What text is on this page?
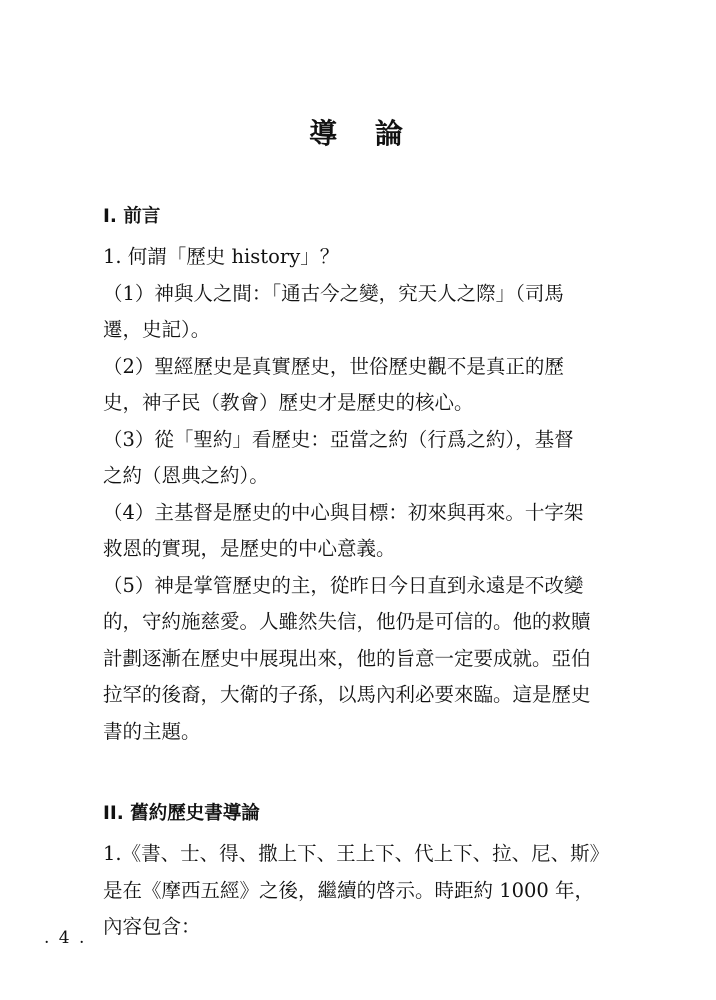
導 論
I. 前言
1. 何謂「歷史 history」？
（1）神與人之間：「通古今之變，究天人之際」（司馬
遷，史記）。
（2）聖經歷史是真實歷史，世俗歷史觀不是真正的歷
史，神子民（教會）歷史才是歷史的核心。
（3）從「聖約」看歷史：亞當之約（行爲之約），基督
之約（恩典之約）。
（4）主基督是歷史的中心與目標：初來與再來。十字架
救恩的實現，是歷史的中心意義。
（5）神是掌管歷史的主，從昨日今日直到永遠是不改變
的，守約施慈愛。人雖然失信，他仍是可信的。他的救贖
計劃逐漸在歷史中展現出來，他的旨意一定要成就。亞伯
拉罕的後裔，大衛的子孫，以馬內利必要來臨。這是歷史
書的主題。
II. 舊約歷史書導論
1.《書、士、得、撒上下、王上下、代上下、拉、尼、斯》
是在《摩西五經》之後，繼續的啓示。時距約 1000 年，
內容包含：
. 4 .
